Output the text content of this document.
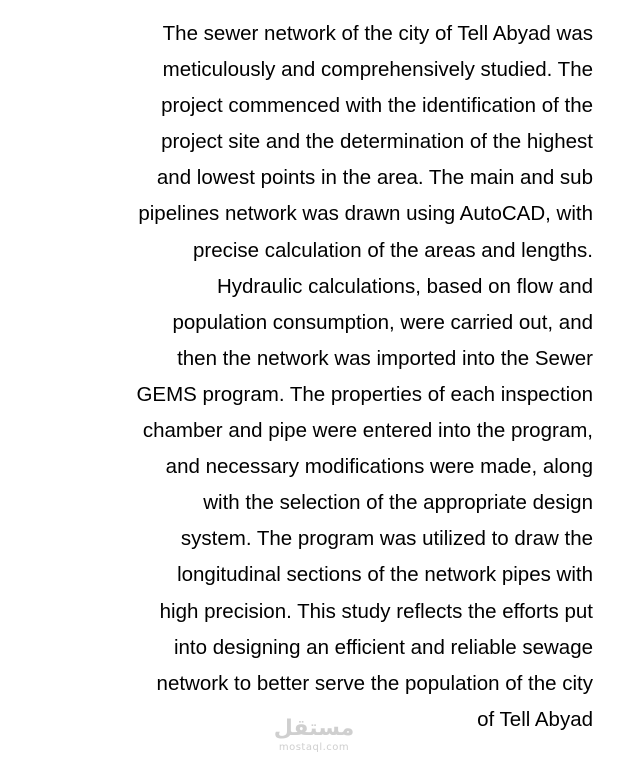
The sewer network of the city of Tell Abyad was
meticulously and comprehensively studied. The
project commenced with the identification of the
project site and the determination of the highest
and lowest points in the area. The main and sub
pipelines network was drawn using AutoCAD, with
precise calculation of the areas and lengths.
Hydraulic calculations, based on flow and
population consumption, were carried out, and
then the network was imported into the Sewer
GEMS program. The properties of each inspection
chamber and pipe were entered into the program,
and necessary modifications were made, along
with the selection of the appropriate design
system. The program was utilized to draw the
longitudinal sections of the network pipes with
high precision. This study reflects the efforts put
into designing an efficient and reliable sewage
network to better serve the population of the city
of Tell Abyad

مستقل
mostaql.com
